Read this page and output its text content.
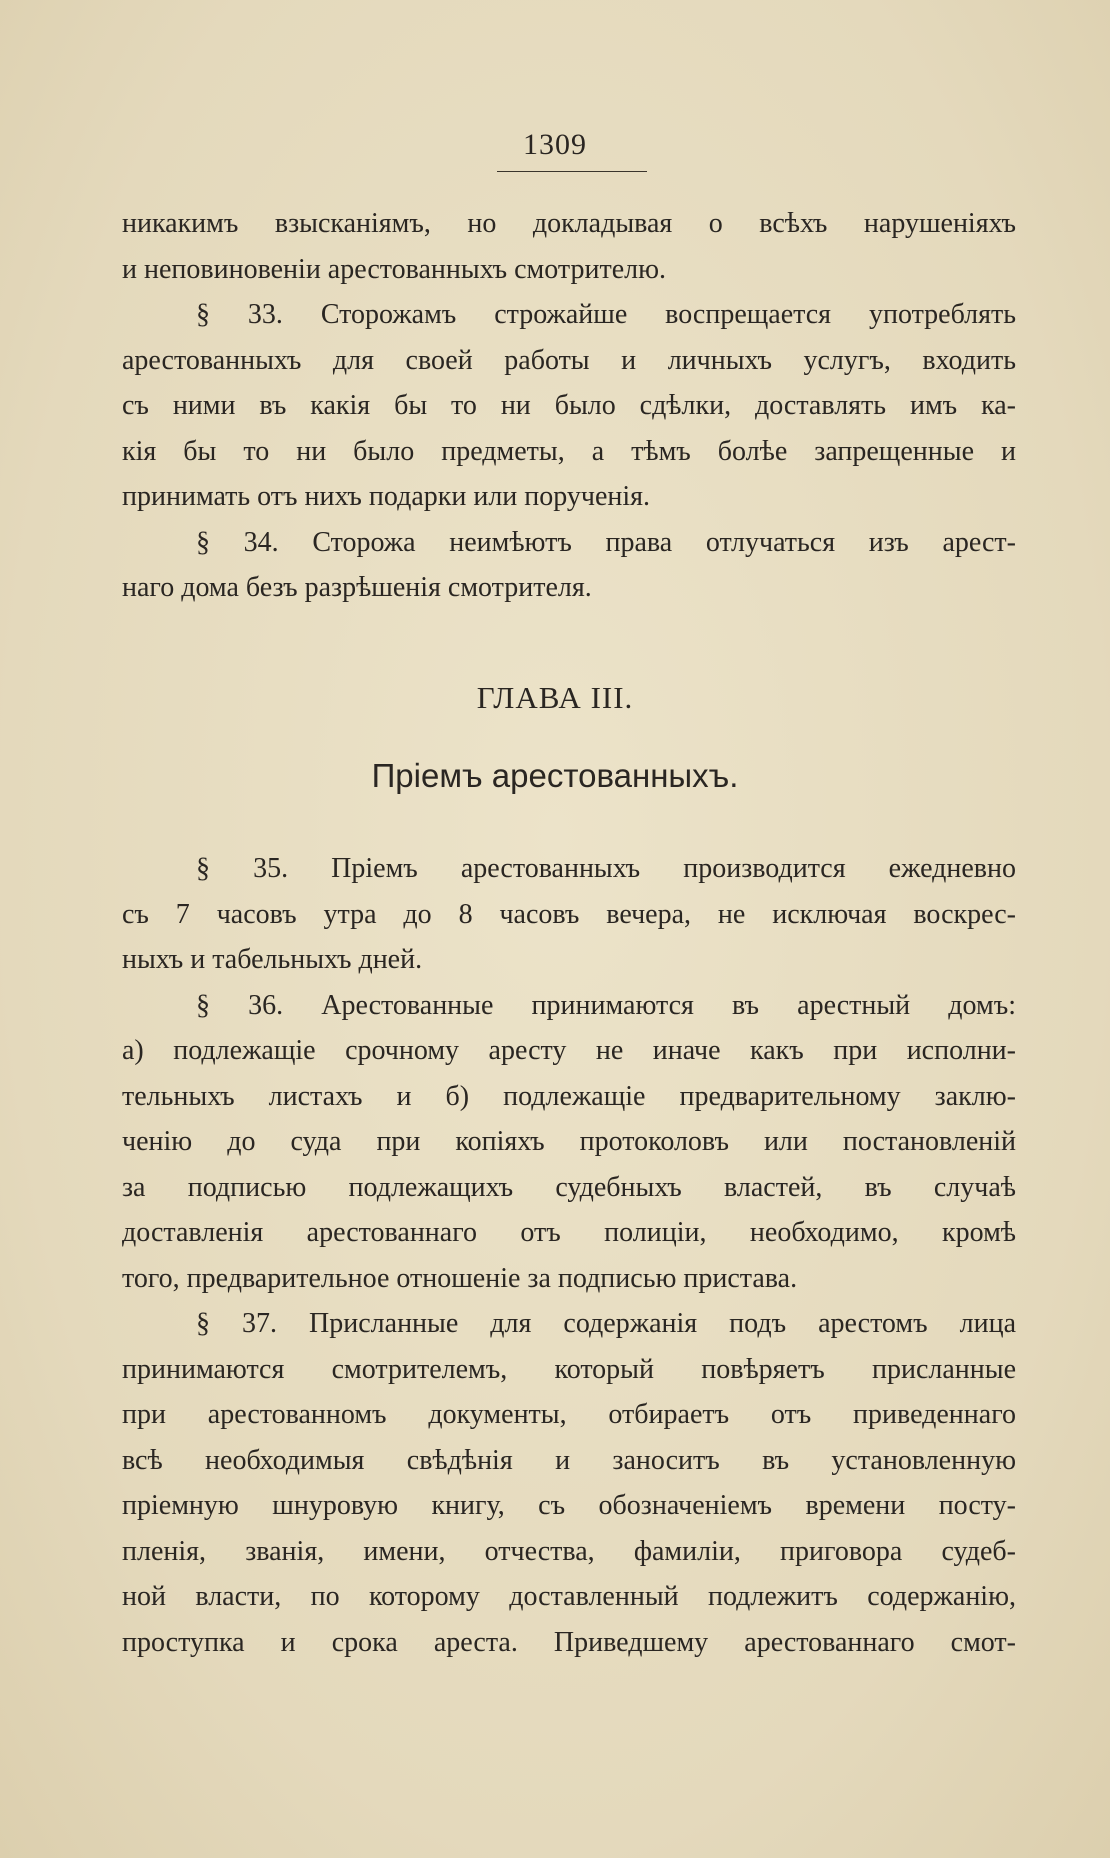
1309
никакимъ взысканіямъ, но докладывая о всѣхъ нарушеніяхъ
и неповиновеніи арестованныхъ смотрителю.
§ 33. Сторожамъ строжайше воспрещается употреблять
арестованныхъ для своей работы и личныхъ услугъ, входить
съ ними въ какія бы то ни было сдѣлки, доставлять имъ ка-
кія бы то ни было предметы, а тѣмъ болѣе запрещенные и
принимать отъ нихъ подарки или порученія.
§ 34. Сторожа неимѣютъ права отлучаться изъ арест-
наго дома безъ разрѣшенія смотрителя.
ГЛАВА III.
Пріемъ арестованныхъ.
§ 35. Пріемъ арестованныхъ производится ежедневно
съ 7 часовъ утра до 8 часовъ вечера, не исключая воскрес-
ныхъ и табельныхъ дней.
§ 36. Арестованные принимаются въ арестный домъ:
а) подлежащіе срочному аресту не иначе какъ при исполни-
тельныхъ листахъ и б) подлежащіе предварительному заклю-
ченію до суда при копіяхъ протоколовъ или постановленій
за подписью подлежащихъ судебныхъ властей, въ случаѣ
доставленія арестованнаго отъ полиціи, необходимо, кромѣ
того, предварительное отношеніе за подписью пристава.
§ 37. Присланные для содержанія подъ арестомъ лица
принимаются смотрителемъ, который повѣряетъ присланные
при арестованномъ документы, отбираетъ отъ приведеннаго
всѣ необходимыя свѣдѣнія и заноситъ въ установленную
пріемную шнуровую книгу, съ обозначеніемъ времени посту-
пленія, званія, имени, отчества, фамиліи, приговора судеб-
ной власти, по которому доставленный подлежитъ содержанію,
проступка и срока ареста. Приведшему арестованнаго смот-
